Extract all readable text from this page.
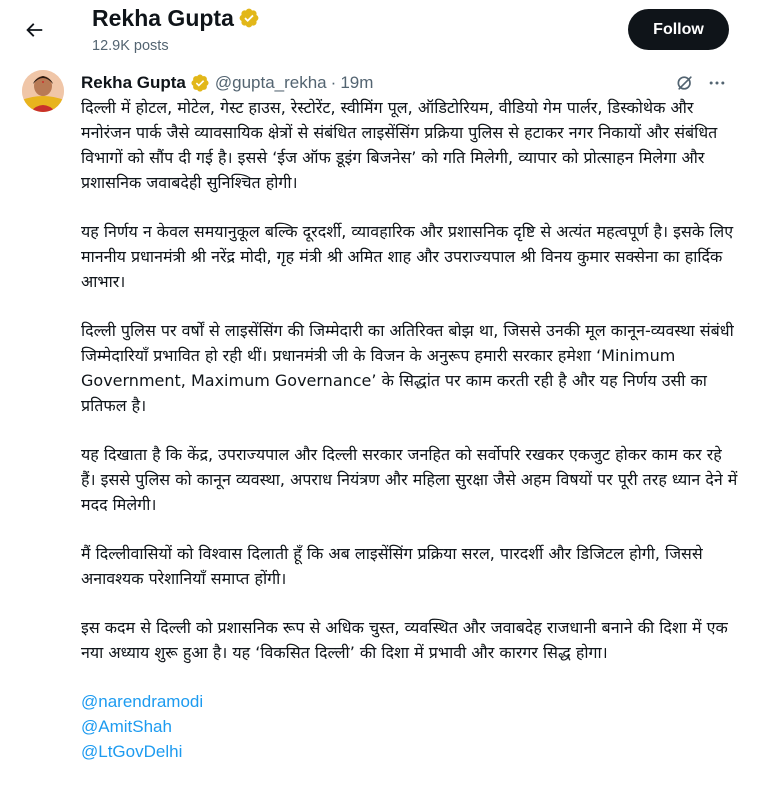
Rekha Gupta
12.9K posts
Follow
Rekha Gupta @gupta_rekha · 19m

दिल्ली में होटल, मोटेल, गेस्ट हाउस, रेस्टोरेंट, स्वीमिंग पूल, ऑडिटोरियम, वीडियो गेम पार्लर, डिस्कोथेक और मनोरंजन पार्क जैसे व्यावसायिक क्षेत्रों से संबंधित लाइसेंसिंग प्रक्रिया पुलिस से हटाकर नगर निकायों और संबंधित विभागों को सौंप दी गई है। इससे ‘ईज ऑफ डूइंग बिजनेस’ को गति मिलेगी, व्यापार को प्रोत्साहन मिलेगा और प्रशासनिक जवाबदेही सुनिश्चित होगी।

यह निर्णय न केवल समयानुकूल बल्कि दूरदर्शी, व्यावहारिक और प्रशासनिक दृष्टि से अत्यंत महत्वपूर्ण है। इसके लिए माननीय प्रधानमंत्री श्री नरेंद्र मोदी, गृह मंत्री श्री अमित शाह और उपराज्यपाल श्री विनय कुमार सक्सेना का हार्दिक आभार।

दिल्ली पुलिस पर वर्षों से लाइसेंसिंग की जिम्मेदारी का अतिरिक्त बोझ था, जिससे उनकी मूल कानून-व्यवस्था संबंधी जिम्मेदारियाँ प्रभावित हो रही थीं। प्रधानमंत्री जी के विजन के अनुरूप हमारी सरकार हमेशा ‘Minimum Government, Maximum Governance’ के सिद्धांत पर काम करती रही है और यह निर्णय उसी का प्रतिफल है।

यह दिखाता है कि केंद्र, उपराज्यपाल और दिल्ली सरकार जनहित को सर्वोपरि रखकर एकजुट होकर काम कर रहे हैं। इससे पुलिस को कानून व्यवस्था, अपराध नियंत्रण और महिला सुरक्षा जैसे अहम विषयों पर पूरी तरह ध्यान देने में मदद मिलेगी।

मैं दिल्लीवासियों को विश्वास दिलाती हूँ कि अब लाइसेंसिंग प्रक्रिया सरल, पारदर्शी और डिजिटल होगी, जिससे अनावश्यक परेशानियाँ समाप्त होंगी।

इस कदम से दिल्ली को प्रशासनिक रूप से अधिक चुस्त, व्यवस्थित और जवाबदेह राजधानी बनाने की दिशा में एक नया अध्याय शुरू हुआ है। यह ‘विकसित दिल्ली’ की दिशा में प्रभावी और कारगर सिद्ध होगा।

@narendramodi
@AmitShah
@LtGovDelhi
